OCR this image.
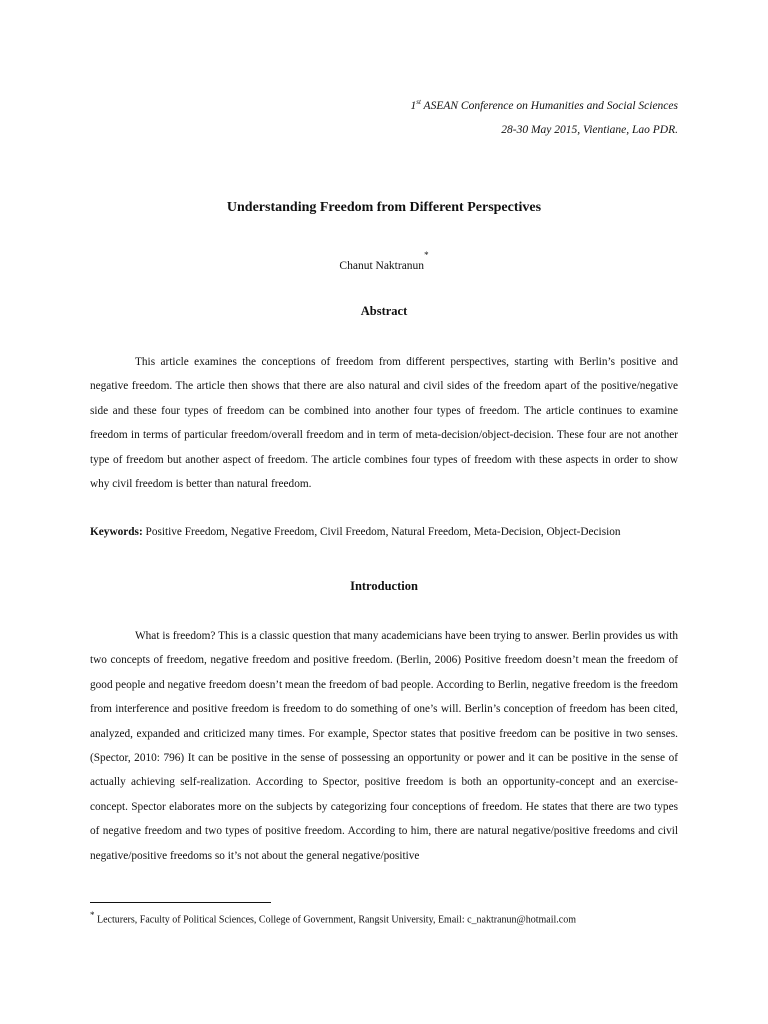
1st ASEAN Conference on Humanities and Social Sciences
28-30 May 2015, Vientiane, Lao PDR.
Understanding Freedom from Different Perspectives
Chanut Naktranun*
Abstract

This article examines the conceptions of freedom from different perspectives, starting with Berlin’s positive and negative freedom. The article then shows that there are also natural and civil sides of the freedom apart of the positive/negative side and these four types of freedom can be combined into another four types of freedom. The article continues to examine freedom in terms of particular freedom/overall freedom and in term of meta-decision/object-decision. These four are not another type of freedom but another aspect of freedom. The article combines four types of freedom with these aspects in order to show why civil freedom is better than natural freedom.

Keywords: Positive Freedom, Negative Freedom, Civil Freedom, Natural Freedom, Meta-Decision, Object-Decision
Introduction

What is freedom? This is a classic question that many academicians have been trying to answer. Berlin provides us with two concepts of freedom, negative freedom and positive freedom. (Berlin, 2006) Positive freedom doesn’t mean the freedom of good people and negative freedom doesn’t mean the freedom of bad people. According to Berlin, negative freedom is the freedom from interference and positive freedom is freedom to do something of one’s will. Berlin’s conception of freedom has been cited, analyzed, expanded and criticized many times. For example, Spector states that positive freedom can be positive in two senses. (Spector, 2010: 796) It can be positive in the sense of possessing an opportunity or power and it can be positive in the sense of actually achieving self-realization. According to Spector, positive freedom is both an opportunity-concept and an exercise-concept. Spector elaborates more on the subjects by categorizing four conceptions of freedom. He states that there are two types of negative freedom and two types of positive freedom. According to him, there are natural negative/positive freedoms and civil negative/positive freedoms so it’s not about the general negative/positive

* Lecturers, Faculty of Political Sciences, College of Government, Rangsit University, Email: c_naktranun@hotmail.com
